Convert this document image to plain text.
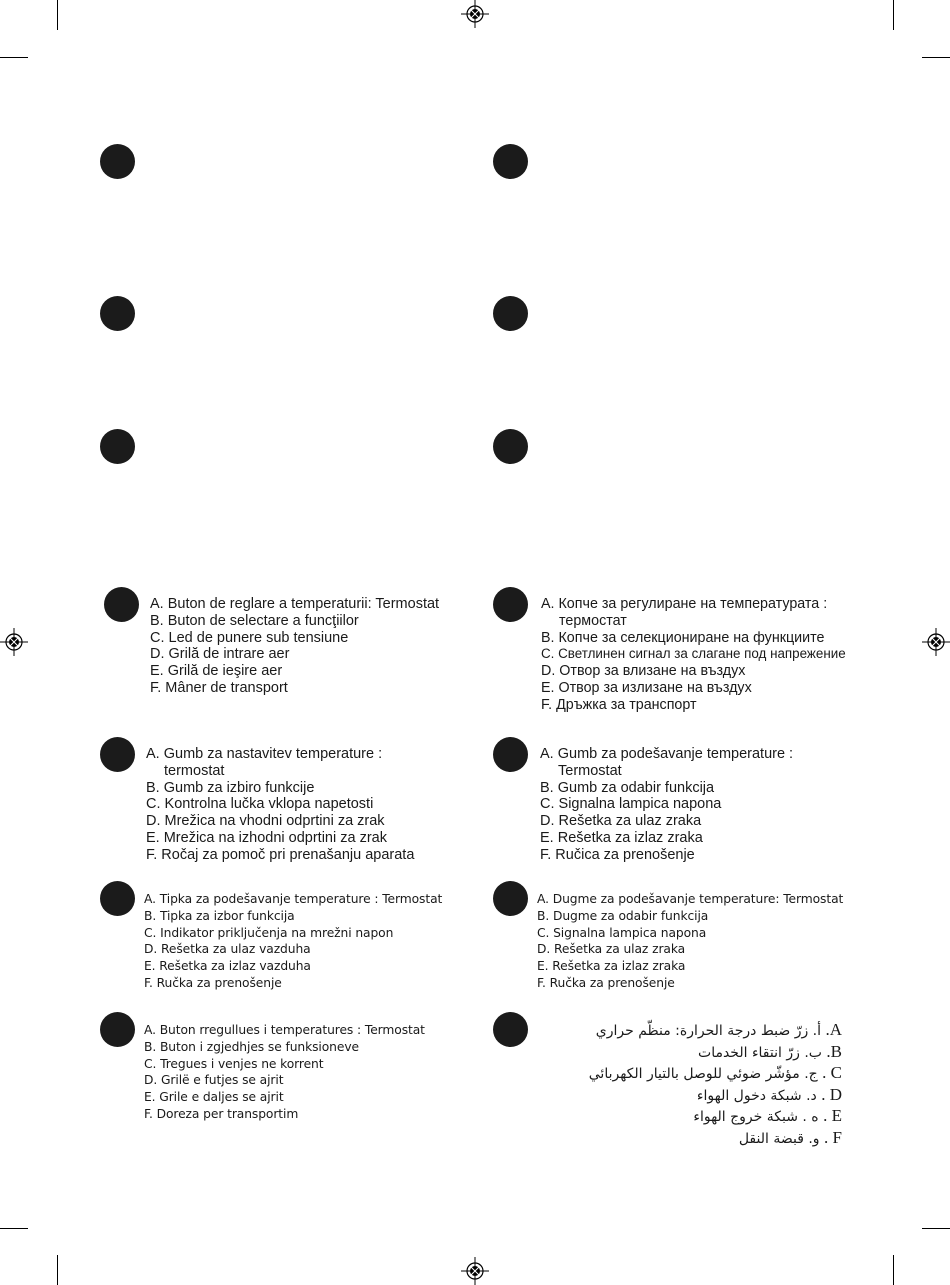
A. Buton de reglare a temperaturii: Termostat
B. Buton de selectare a funcţiilor
C. Led de punere sub tensiune
D. Grilă de intrare aer
E. Grilă de ieşire aer
F. Mâner de transport
A. Копче за регулиране на температурата :
термостат
B. Копче за селекциониране на функциите
C. Светлинен сигнал за слагане под напрежение
D. Отвор за влизане на въздух
E. Отвор за излизане на въздух
F. Дръжка за транспорт
A. Gumb za nastavitev temperature :
termostat
B. Gumb za izbiro funkcije
C. Kontrolna lučka vklopa napetosti
D. Mrežica na vhodni odprtini za zrak
E. Mrežica na izhodni odprtini za zrak
F. Ročaj za pomoč pri prenašanju aparata
A. Gumb za podešavanje temperature :
Termostat
B. Gumb za odabir funkcija
C. Signalna lampica napona
D. Rešetka za ulaz zraka
E. Rešetka za izlaz zraka
F. Ručica za prenošenje
A. Tipka za podešavanje temperature : Termostat
B. Tipka za izbor funkcija
C. Indikator priključenja na mrežni napon
D. Rešetka za ulaz vazduha
E. Rešetka za izlaz vazduha
F. Ručka za prenošenje
A. Dugme za podešavanje temperature: Termostat
B. Dugme za odabir funkcija
C. Signalna lampica napona
D. Rešetka za ulaz zraka
E. Rešetka za izlaz zraka
F. Ručka za prenošenje
A. Buton rregullues i temperatures : Termostat
B. Buton i zgjedhjes se funksioneve
C. Tregues i venjes ne korrent
D. Grilë e futjes se ajrit
E. Grile e daljes se ajrit
F. Doreza per transportim
A. أ. زرّ ضبط درجة الحرارة: منظّم حراري
B. ب. زرّ انتقاء الخدمات
C . ج. مؤشّر ضوئي للوصل بالتيار الكهربائي
D . د. شبكة دخول الهواء
E . ه . شبكة خروج الهواء
F . و. قبضة النقل
